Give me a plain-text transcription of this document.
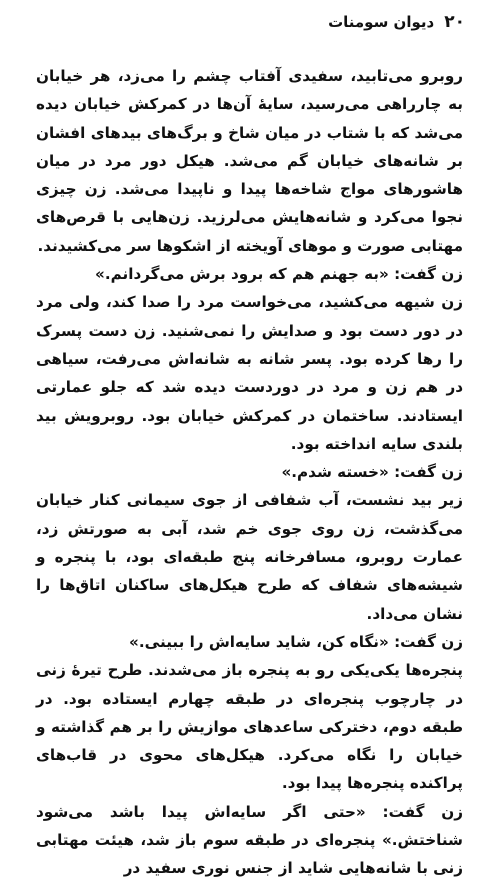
۲۰
دیوان سومنات

روبرو می‌تابید، سفیدی آفتاب چشم را می‌زد، هر خیابان به چارراهی می‌رسید، سایهٔ آن‌ها در کمرکش خیابان دیده می‌شد که با شتاب در میان شاخ و برگ‌های بیدهای افشان بر شانه‌های خیابان گم می‌شد. هیکل دور مرد در میان هاشورهای مواج شاخه‌ها پیدا و ناپیدا می‌شد. زن چیزی نجوا می‌کرد و شانه‌هایش می‌لرزید. زن‌هایی با قرص‌های مهتابی صورت و موهای آویخته از اشکوها سر می‌کشیدند.

زن گفت: «به جهنم هم که برود برش می‌گردانم.»

زن شیهه می‌کشید، می‌خواست مرد را صدا کند، ولی مرد در دور دست بود و صدایش را نمی‌شنید. زن دست پسرک را رها کرده بود. پسر شانه به شانه‌اش می‌رفت، سیاهی در هم زن و مرد در دوردست دیده شد که جلو عمارتی ایستادند. ساختمان در کمرکش خیابان بود. روبرویش بید بلندی سایه انداخته بود.

زن گفت: «خسته شدم.»

زیر بید نشست، آب شفافی از جوی سیمانی کنار خیابان می‌گذشت، زن روی جوی خم شد، آبی به صورتش زد، عمارت روبرو، مسافرخانه پنج طبقه‌ای بود، با پنجره و شیشه‌های شفاف که طرح هیکل‌های ساکنان اتاق‌ها را نشان می‌داد.

زن گفت: «نگاه کن، شاید سایه‌اش را ببینی.»

پنجره‌ها یکی‌یکی رو به پنجره باز می‌شدند. طرح تیرهٔ زنی در چارچوب پنجره‌ای در طبقه چهارم ایستاده بود. در طبقه دوم، دخترکی ساعدهای موازیش را بر هم گذاشته و خیابان را نگاه می‌کرد. هیکل‌های محوی در قاب‌های پراکنده پنجره‌ها پیدا بود.

زن گفت: «حتی اگر سایه‌اش پیدا باشد می‌شود شناختش.» پنجره‌ای در طبقه سوم باز شد، هیئت مهتابی زنی با شانه‌هایی شاید از جنس نوری سفید در
